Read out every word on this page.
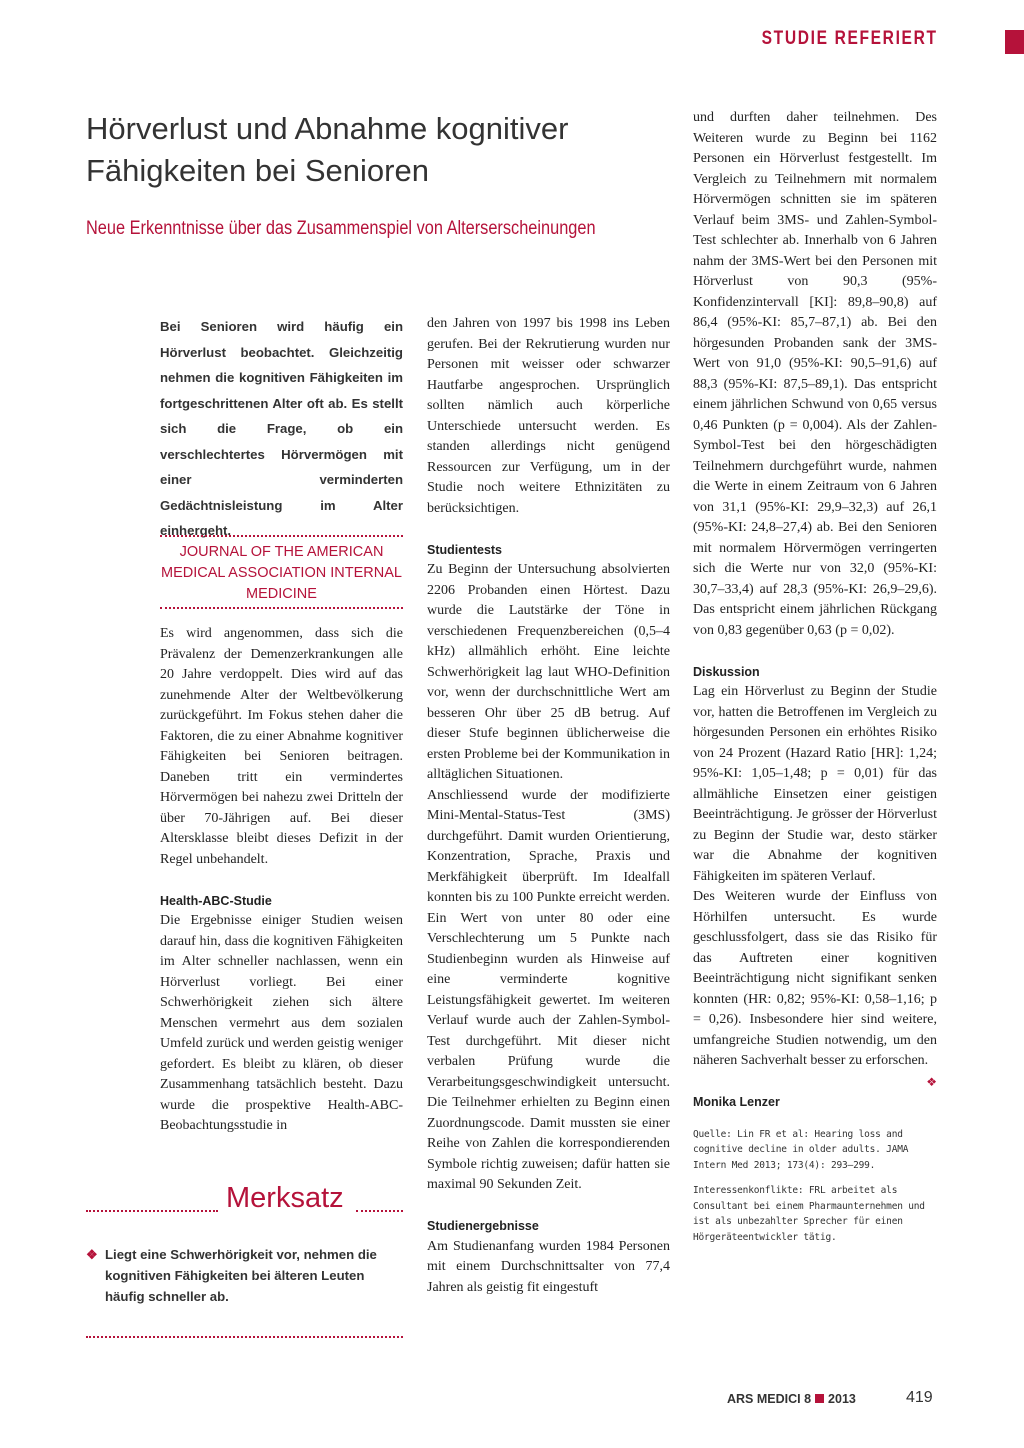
STUDIE REFERIERT
Hörverlust und Abnahme kognitiver Fähigkeiten bei Senioren
Neue Erkenntnisse über das Zusammenspiel von Alterserscheinungen
Bei Senioren wird häufig ein Hörverlust beobachtet. Gleichzeitig nehmen die kognitiven Fähigkeiten im fortgeschrittenen Alter oft ab. Es stellt sich die Frage, ob ein verschlechtertes Hörvermögen mit einer verminderten Gedächtnisleistung im Alter einhergeht.
JOURNAL OF THE AMERICAN MEDICAL ASSOCIATION INTERNAL MEDICINE

Es wird angenommen, dass sich die Prävalenz der Demenzerkrankungen alle 20 Jahre verdoppelt. Dies wird auf das zunehmende Alter der Weltbevölkerung zurückgeführt. Im Fokus stehen daher die Faktoren, die zu einer Abnahme kognitiver Fähigkeiten bei Senioren beitragen. Daneben tritt ein vermindertes Hörvermögen bei nahezu zwei Dritteln der über 70-Jährigen auf. Bei dieser Altersklasse bleibt dieses Defizit in der Regel unbehandelt.

Health-ABC-Studie

Die Ergebnisse einiger Studien weisen darauf hin, dass die kognitiven Fähigkeiten im Alter schneller nachlassen, wenn ein Hörverlust vorliegt. Bei einer Schwerhörigkeit ziehen sich ältere Menschen vermehrt aus dem sozialen Umfeld zurück und werden geistig weniger gefordert. Es bleibt zu klären, ob dieser Zusammenhang tatsächlich besteht. Dazu wurde die prospektive Health-ABC-Beobachtungsstudie in

den Jahren von 1997 bis 1998 ins Leben gerufen. Bei der Rekrutierung wurden nur Personen mit weisser oder schwarzer Hautfarbe angesprochen. Ursprünglich sollten nämlich auch körperliche Unterschiede untersucht werden. Es standen allerdings nicht genügend Ressourcen zur Verfügung, um in der Studie noch weitere Ethnizitäten zu berücksichtigen.

Studientests

Zu Beginn der Untersuchung absolvierten 2206 Probanden einen Hörtest. Dazu wurde die Lautstärke der Töne in verschiedenen Frequenzbereichen (0,5–4 kHz) allmählich erhöht. Eine leichte Schwerhörigkeit lag laut WHO-Definition vor, wenn der durchschnittliche Wert am besseren Ohr über 25 dB betrug. Auf dieser Stufe beginnen üblicherweise die ersten Probleme bei der Kommunikation in alltäglichen Situationen.

Anschliessend wurde der modifizierte Mini-Mental-Status-Test (3MS) durchgeführt. Damit wurden Orientierung, Konzentration, Sprache, Praxis und Merkfähigkeit überprüft. Im Idealfall konnten bis zu 100 Punkte erreicht werden. Ein Wert von unter 80 oder eine Verschlechterung um 5 Punkte nach Studienbeginn wurden als Hinweise auf eine verminderte kognitive Leistungsfähigkeit gewertet. Im weiteren Verlauf wurde auch der Zahlen-Symbol-Test durchgeführt. Mit dieser nicht verbalen Prüfung wurde die Verarbeitungsgeschwindigkeit untersucht. Die Teilnehmer erhielten zu Beginn einen Zuordnungscode. Damit mussten sie einer Reihe von Zahlen die korrespondierenden Symbole richtig zuweisen; dafür hatten sie maximal 90 Sekunden Zeit.

Studienergebnisse

Am Studienanfang wurden 1984 Personen mit einem Durchschnittsalter von 77,4 Jahren als geistig fit eingestuft

und durften daher teilnehmen. Des Weiteren wurde zu Beginn bei 1162 Personen ein Hörverlust festgestellt. Im Vergleich zu Teilnehmern mit normalem Hörvermögen schnitten sie im späteren Verlauf beim 3MS- und Zahlen-Symbol-Test schlechter ab. Innerhalb von 6 Jahren nahm der 3MS-Wert bei den Personen mit Hörverlust von 90,3 (95%-Konfidenzintervall [KI]: 89,8–90,8) auf 86,4 (95%-KI: 85,7–87,1) ab. Bei den hörgesunden Probanden sank der 3MS-Wert von 91,0 (95%-KI: 90,5–91,6) auf 88,3 (95%-KI: 87,5–89,1). Das entspricht einem jährlichen Schwund von 0,65 versus 0,46 Punkten (p = 0,004). Als der Zahlen-Symbol-Test bei den hörgeschädigten Teilnehmern durchgeführt wurde, nahmen die Werte in einem Zeitraum von 6 Jahren von 31,1 (95%-KI: 29,9–32,3) auf 26,1 (95%-KI: 24,8–27,4) ab. Bei den Senioren mit normalem Hörvermögen verringerten sich die Werte nur von 32,0 (95%-KI: 30,7–33,4) auf 28,3 (95%-KI: 26,9–29,6). Das entspricht einem jährlichen Rückgang von 0,83 gegenüber 0,63 (p = 0,02).

Diskussion

Lag ein Hörverlust zu Beginn der Studie vor, hatten die Betroffenen im Vergleich zu hörgesunden Personen ein erhöhtes Risiko von 24 Prozent (Hazard Ratio [HR]: 1,24; 95%-KI: 1,05–1,48; p = 0,01) für das allmähliche Einsetzen einer geistigen Beeinträchtigung. Je grösser der Hörverlust zu Beginn der Studie war, desto stärker war die Abnahme der kognitiven Fähigkeiten im späteren Verlauf.

Des Weiteren wurde der Einfluss von Hörhilfen untersucht. Es wurde geschlussfolgert, dass sie das Risiko für das Auftreten einer kognitiven Beeinträchtigung nicht signifikant senken konnten (HR: 0,82; 95%-KI: 0,58–1,16; p = 0,26). Insbesondere hier sind weitere, umfangreiche Studien notwendig, um den näheren Sachverhalt besser zu erforschen.
❖

Monika Lenzer

Quelle: Lin FR et al: Hearing loss and cognitive decline in older adults. JAMA Intern Med 2013; 173(4): 293–299.

Interessenkonflikte: FRL arbeitet als Consultant bei einem Pharmaunternehmen und ist als unbezahlter Sprecher für einen Hörgeräteentwickler tätig.

Merksatz
❖ Liegt eine Schwerhörigkeit vor, nehmen die kognitiven Fähigkeiten bei älteren Leuten häufig schneller ab.
ARS MEDICI 8 2013	419
